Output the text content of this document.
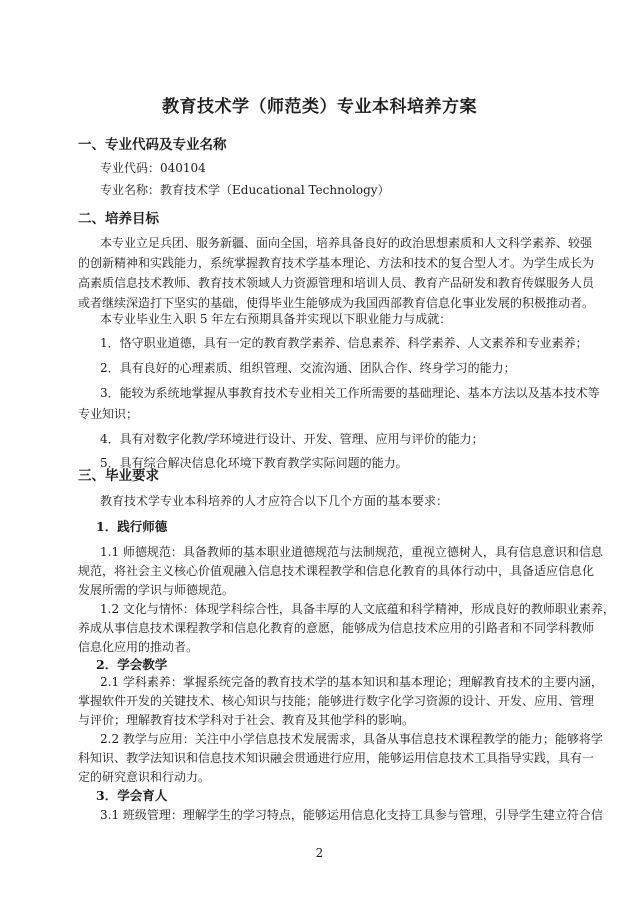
教育技术学（师范类）专业本科培养方案
一、专业代码及专业名称
专业代码：040104
专业名称：教育技术学（Educational Technology）
二、培养目标
本专业立足兵团、服务新疆、面向全国，培养具备良好的政治思想素质和人文科学素养、较强
的创新精神和实践能力，系统掌握教育技术学基本理论、方法和技术的复合型人才。为学生成长为
高素质信息技术教师、教育技术领域人力资源管理和培训人员、教育产品研发和教育传媒服务人员
或者继续深造打下坚实的基础，使得毕业生能够成为我国西部教育信息化事业发展的积极推动者。
本专业毕业生入职 5 年左右预期具备并实现以下职业能力与成就：
1．恪守职业道德，具有一定的教育教学素养、信息素养、科学素养、人文素养和专业素养；
2．具有良好的心理素质、组织管理、交流沟通、团队合作、终身学习的能力；
3．能较为系统地掌握从事教育技术专业相关工作所需要的基础理论、基本方法以及基本技术等
专业知识；
4．具有对数字化教/学环境进行设计、开发、管理、应用与评价的能力；
5．具有综合解决信息化环境下教育教学实际问题的能力。
三、毕业要求
教育技术学专业本科培养的人才应符合以下几个方面的基本要求：
1．践行师德
1.1 师德规范：具备教师的基本职业道德规范与法制规范，重视立德树人，具有信息意识和信息
规范，将社会主义核心价值观融入信息技术课程教学和信息化教育的具体行动中，具备适应信息化
发展所需的学识与师德规范。
1.2 文化与情怀：体现学科综合性，具备丰厚的人文底蕴和科学精神，形成良好的教师职业素养，
养成从事信息技术课程教学和信息化教育的意愿，能够成为信息技术应用的引路者和不同学科教师
信息化应用的推动者。
2．学会教学
2.1 学科素养：掌握系统完备的教育技术学的基本知识和基本理论；理解教育技术的主要内涵，
掌握软件开发的关键技术、核心知识与技能；能够进行数字化学习资源的设计、开发、应用、管理
与评价；理解教育技术学科对于社会、教育及其他学科的影响。
2.2 教学与应用：关注中小学信息技术发展需求，具备从事信息技术课程教学的能力；能够将学
科知识、教学法知识和信息技术知识融会贯通进行应用，能够运用信息技术工具指导实践，具有一
定的研究意识和行动力。
2
3．学会育人
3.1 班级管理：理解学生的学习特点，能够运用信息化支持工具参与管理，引导学生建立符合信
